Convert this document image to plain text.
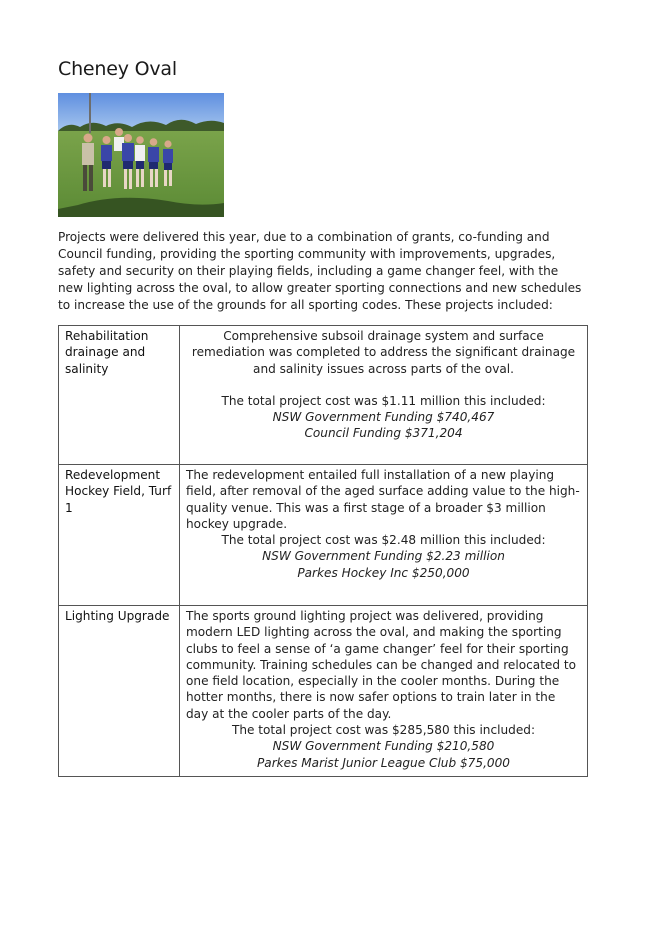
Cheney Oval

Projects were delivered this year, due to a combination of grants, co-funding and Council funding, providing the sporting community with improvements, upgrades, safety and security on their playing fields, including a game changer feel, with the new lighting across the oval, to allow greater sporting connections and new schedules to increase the use of the grounds for all sporting codes. These projects included:

Rehabilitation drainage and salinity	Comprehensive subsoil drainage system and surface remediation was completed to address the significant drainage and salinity issues across parts of the oval.
The total project cost was $1.11 million this included:
NSW Government Funding $740,467
Council Funding $371,204

Redevelopment Hockey Field, Turf 1	The redevelopment entailed full installation of a new playing field, after removal of the aged surface adding value to the high-quality venue. This was a first stage of a broader $3 million hockey upgrade.
The total project cost was $2.48 million this included:
NSW Government Funding $2.23 million
Parkes Hockey Inc $250,000

Lighting Upgrade	The sports ground lighting project was delivered, providing modern LED lighting across the oval, and making the sporting clubs to feel a sense of ‘a game changer’ feel for their sporting community. Training schedules can be changed and relocated to one field location, especially in the cooler months. During the hotter months, there is now safer options to train later in the day at the cooler parts of the day.
The total project cost was $285,580 this included:
NSW Government Funding $210,580
Parkes Marist Junior League Club $75,000
